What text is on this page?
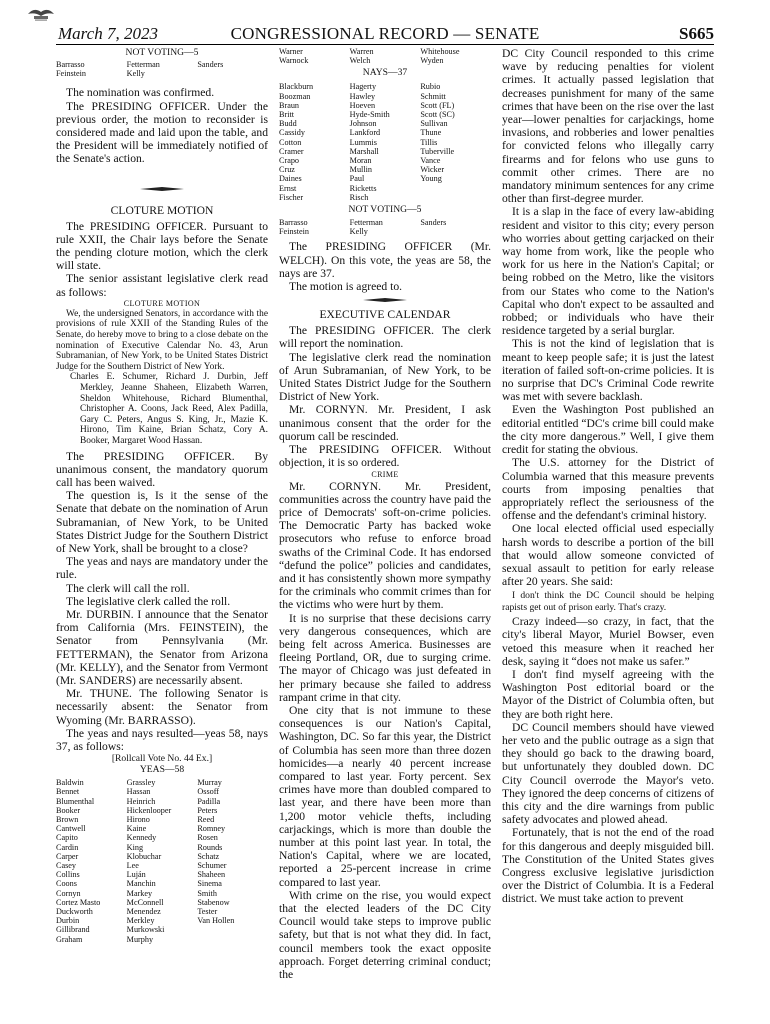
March 7, 2023	CONGRESSIONAL RECORD — SENATE	S665

NOT VOTING—5

Barrasso
Feinstein
Fetterman
Kelly
Sanders

The nomination was confirmed.

The PRESIDING OFFICER. Under the previous order, the motion to reconsider is considered made and laid upon the table, and the President will be immediately notified of the Senate's action.

CLOTURE MOTION

The PRESIDING OFFICER. Pursuant to rule XXII, the Chair lays before the Senate the pending cloture motion, which the clerk will state.

The senior assistant legislative clerk read as follows:

CLOTURE MOTION

We, the undersigned Senators, in accordance with the provisions of rule XXII of the Standing Rules of the Senate, do hereby move to bring to a close debate on the nomination of Executive Calendar No. 43, Arun Subramanian, of New York, to be United States District Judge for the Southern District of New York.

Charles E. Schumer, Richard J. Durbin, Jeff Merkley, Jeanne Shaheen, Elizabeth Warren, Sheldon Whitehouse, Richard Blumenthal, Christopher A. Coons, Jack Reed, Alex Padilla, Gary C. Peters, Angus S. King, Jr., Mazie K. Hirono, Tim Kaine, Brian Schatz, Cory A. Booker, Margaret Wood Hassan.

The PRESIDING OFFICER. By unanimous consent, the mandatory quorum call has been waived.

The question is, Is it the sense of the Senate that debate on the nomination of Arun Subramanian, of New York, to be United States District Judge for the Southern District of New York, shall be brought to a close?

The yeas and nays are mandatory under the rule.

The clerk will call the roll.

The legislative clerk called the roll.

Mr. DURBIN. I announce that the Senator from California (Mrs. FEINSTEIN), the Senator from Pennsylvania (Mr. FETTERMAN), the Senator from Arizona (Mr. KELLY), and the Senator from Vermont (Mr. SANDERS) are necessarily absent.

Mr. THUNE. The following Senator is necessarily absent: the Senator from Wyoming (Mr. BARRASSO).

The yeas and nays resulted—yeas 58, nays 37, as follows:

[Rollcall Vote No. 44 Ex.]

YEAS—58

Baldwin
Bennet
Blumenthal
Booker
Brown
Cantwell
Capito
Cardin
Carper
Casey
Collins
Coons
Cornyn
Cortez Masto
Duckworth
Durbin
Gillibrand
Graham
Grassley
Hassan
Heinrich
Hickenlooper
Hirono
Kaine
Kennedy
King
Klobuchar
Lee
Luján
Manchin
Markey
McConnell
Menendez
Merkley
Murkowski
Murphy
Murray
Ossoff
Padilla
Peters
Reed
Romney
Rosen
Rounds
Schatz
Schumer
Shaheen
Sinema
Smith
Stabenow
Tester
Van Hollen
Warner
Warnock
Warren
Welch
Whitehouse
Wyden

NAYS—37

Blackburn
Boozman
Braun
Britt
Budd
Cassidy
Cotton
Cramer
Crapo
Cruz
Daines
Ernst
Fischer
Hagerty
Hawley
Hoeven
Hyde-Smith
Johnson
Lankford
Lummis
Marshall
Moran
Mullin
Paul
Ricketts
Risch
Rubio
Schmitt
Scott (FL)
Scott (SC)
Sullivan
Thune
Tillis
Tuberville
Vance
Wicker
Young

NOT VOTING—5

Barrasso
Feinstein
Fetterman
Kelly
Sanders

The PRESIDING OFFICER (Mr. WELCH). On this vote, the yeas are 58, the nays are 37.

The motion is agreed to.

EXECUTIVE CALENDAR

The PRESIDING OFFICER. The clerk will report the nomination.

The legislative clerk read the nomination of Arun Subramanian, of New York, to be United States District Judge for the Southern District of New York.

Mr. CORNYN. Mr. President, I ask unanimous consent that the order for the quorum call be rescinded.

The PRESIDING OFFICER. Without objection, it is so ordered.

CRIME

Mr. CORNYN. Mr. President, communities across the country have paid the price of Democrats' soft-on-crime policies. The Democratic Party has backed woke prosecutors who refuse to enforce broad swaths of the Criminal Code. It has endorsed “defund the police” policies and candidates, and it has consistently shown more sympathy for the criminals who commit crimes than for the victims who were hurt by them.

It is no surprise that these decisions carry very dangerous consequences, which are being felt across America. Businesses are fleeing Portland, OR, due to surging crime. The mayor of Chicago was just defeated in her primary because she failed to address rampant crime in that city.

One city that is not immune to these consequences is our Nation's Capital, Washington, DC. So far this year, the District of Columbia has seen more than three dozen homicides—a nearly 40 percent increase compared to last year. Forty percent. Sex crimes have more than doubled compared to last year, and there have been more than 1,200 motor vehicle thefts, including carjackings, which is more than double the number at this point last year. In total, the Nation's Capital, where we are located, reported a 25-percent increase in crime compared to last year.

With crime on the rise, you would expect that the elected leaders of the DC City Council would take steps to improve public safety, but that is not what they did. In fact, council members took the exact opposite approach. Forget deterring criminal conduct; the

DC City Council responded to this crime wave by reducing penalties for violent crimes. It actually passed legislation that decreases punishment for many of the same crimes that have been on the rise over the last year—lower penalties for carjackings, home invasions, and robberies and lower penalties for convicted felons who illegally carry firearms and for felons who use guns to commit other crimes. There are no mandatory minimum sentences for any crime other than first-degree murder.

It is a slap in the face of every law-abiding resident and visitor to this city; every person who worries about getting carjacked on their way home from work, like the people who work for us here in the Nation's Capital; or being robbed on the Metro, like the visitors from our States who come to the Nation's Capital who don't expect to be assaulted and robbed; or individuals who have their residence targeted by a serial burglar.

This is not the kind of legislation that is meant to keep people safe; it is just the latest iteration of failed soft-on-crime policies. It is no surprise that DC's Criminal Code rewrite was met with severe backlash.

Even the Washington Post published an editorial entitled “DC's crime bill could make the city more dangerous.” Well, I give them credit for stating the obvious.

The U.S. attorney for the District of Columbia warned that this measure prevents courts from imposing penalties that appropriately reflect the seriousness of the offense and the defendant's criminal history.

One local elected official used especially harsh words to describe a portion of the bill that would allow someone convicted of sexual assault to petition for early release after 20 years. She said:

I don't think the DC Council should be helping rapists get out of prison early. That's crazy.

Crazy indeed—so crazy, in fact, that the city's liberal Mayor, Muriel Bowser, even vetoed this measure when it reached her desk, saying it “does not make us safer.”

I don't find myself agreeing with the Washington Post editorial board or the Mayor of the District of Columbia often, but they are both right here.

DC Council members should have viewed her veto and the public outrage as a sign that they should go back to the drawing board, but unfortunately they doubled down. DC City Council overrode the Mayor's veto. They ignored the deep concerns of citizens of this city and the dire warnings from public safety advocates and plowed ahead.

Fortunately, that is not the end of the road for this dangerous and deeply misguided bill. The Constitution of the United States gives Congress exclusive legislative jurisdiction over the District of Columbia. It is a Federal district. We must take action to prevent
